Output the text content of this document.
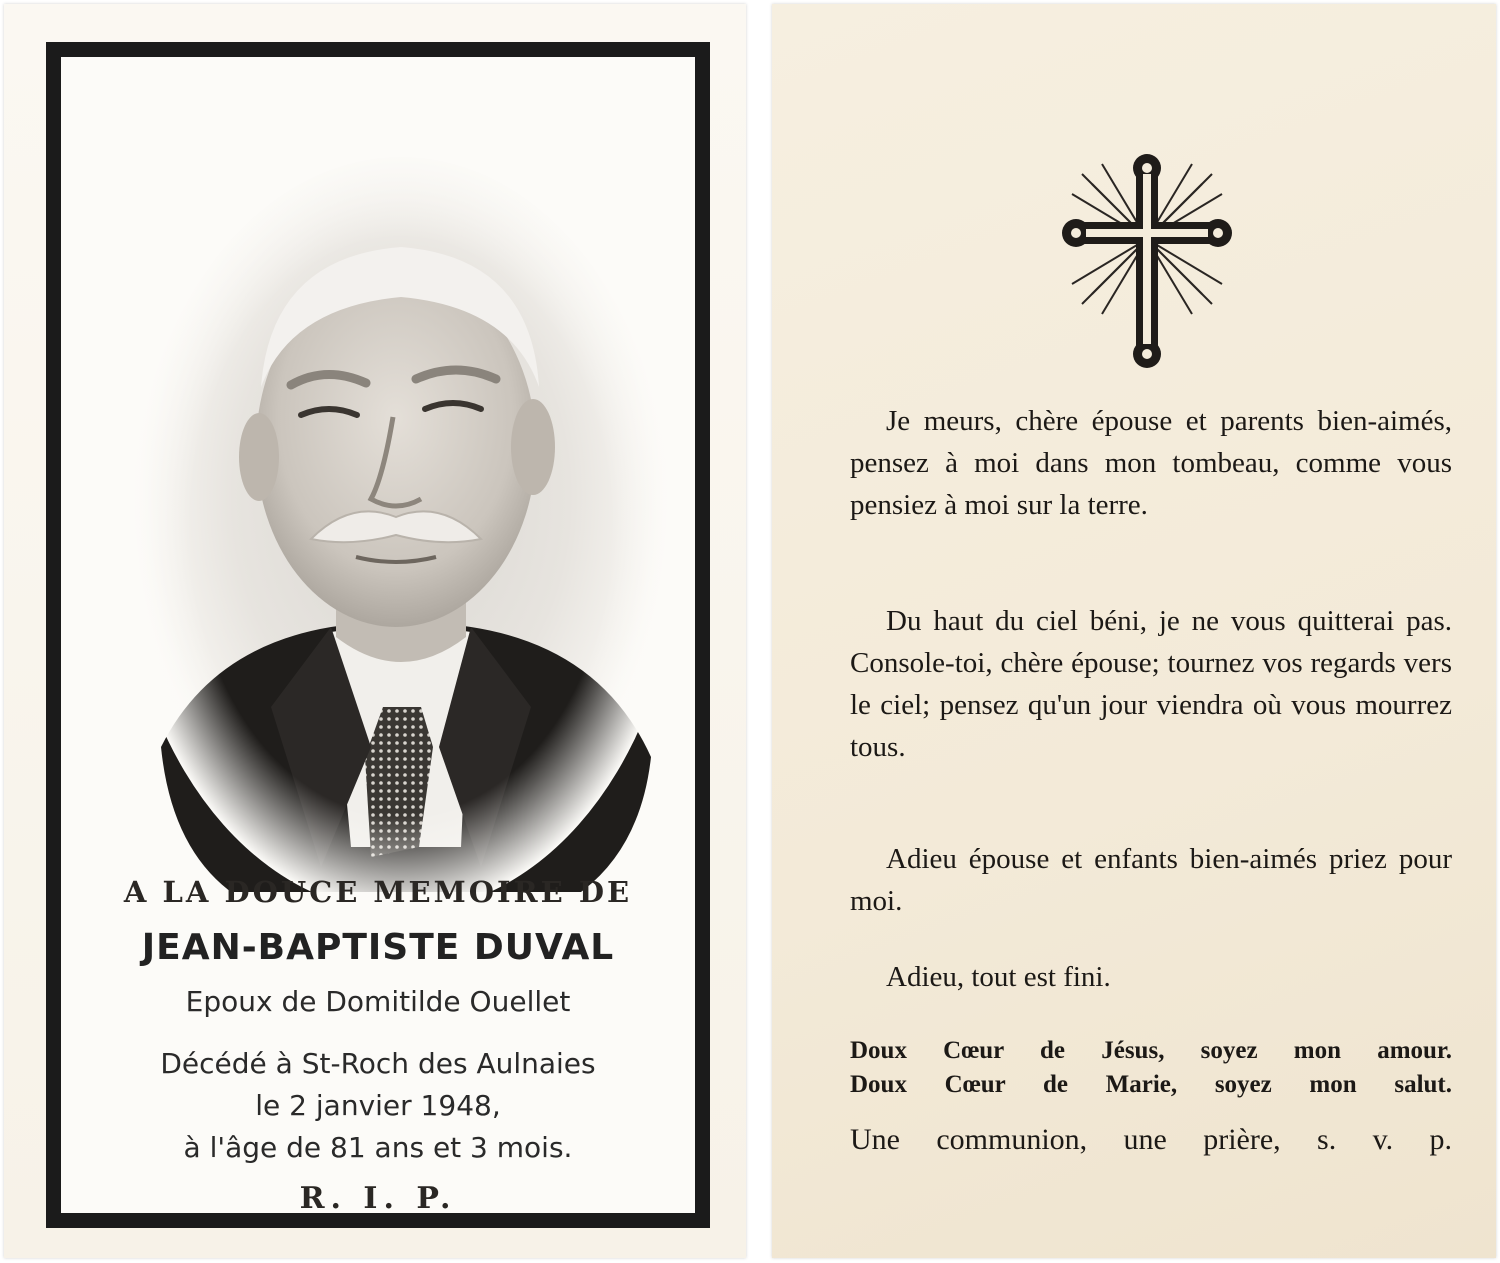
A LA DOUCE MEMOIRE DE
JEAN-BAPTISTE DUVAL
Epoux de Domitilde Ouellet
Décédé à St-Roch des Aulnaies
le 2 janvier 1948,
à l'âge de 81 ans et 3 mois.
R. I. P.

Je meurs, chère épouse et parents bien-aimés, pensez à moi dans mon tombeau, comme vous pensiez à moi sur la terre.

Du haut du ciel béni, je ne vous quitterai pas. Console-toi, chère épouse; tournez vos regards vers le ciel; pensez qu'un jour viendra où vous mourrez tous.

Adieu épouse et enfants bien-aimés priez pour moi.

Adieu, tout est fini.

Doux Cœur de Jésus, soyez mon amour.
Doux Cœur de Marie, soyez mon salut.
Une communion, une prière, s. v. p.
